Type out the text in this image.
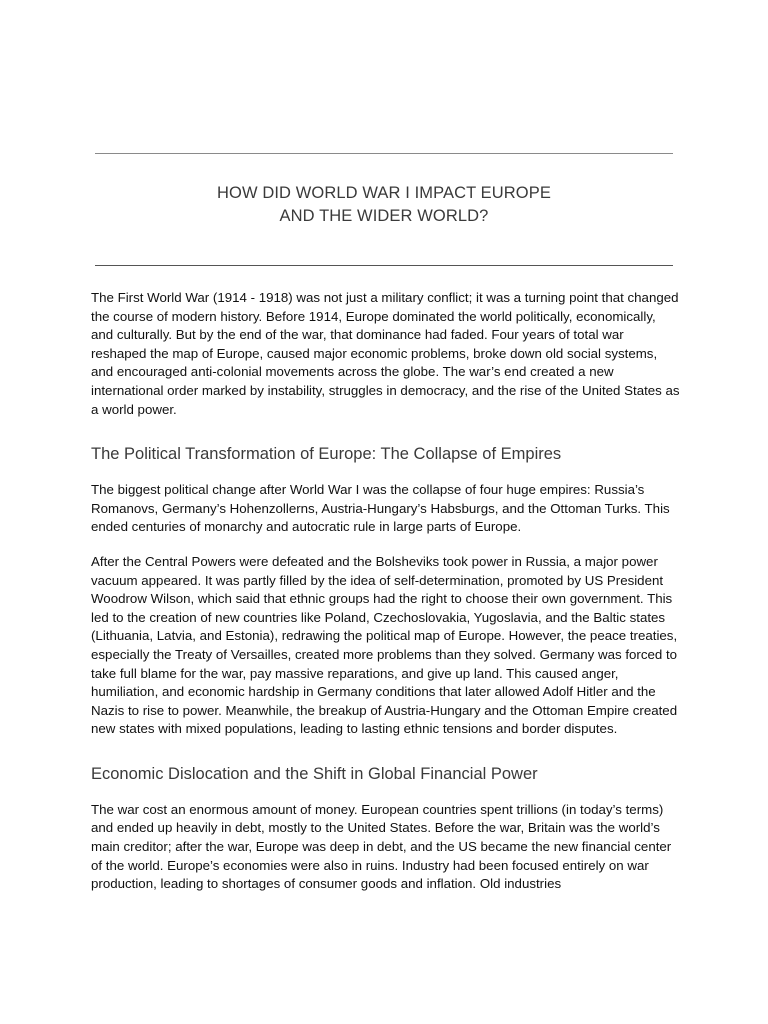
HOW DID WORLD WAR I IMPACT EUROPE
AND THE WIDER WORLD?

The First World War (1914 - 1918) was not just a military conflict; it was a turning point that changed the course of modern history. Before 1914, Europe dominated the world politically, economically, and culturally. But by the end of the war, that dominance had faded. Four years of total war reshaped the map of Europe, caused major economic problems, broke down old social systems, and encouraged anti-colonial movements across the globe. The war’s end created a new international order marked by instability, struggles in democracy, and the rise of the United States as a world power.

The Political Transformation of Europe: The Collapse of Empires

The biggest political change after World War I was the collapse of four huge empires: Russia’s Romanovs, Germany’s Hohenzollerns, Austria-Hungary’s Habsburgs, and the Ottoman Turks. This ended centuries of monarchy and autocratic rule in large parts of Europe.

After the Central Powers were defeated and the Bolsheviks took power in Russia, a major power vacuum appeared. It was partly filled by the idea of self-determination, promoted by US President Woodrow Wilson, which said that ethnic groups had the right to choose their own government. This led to the creation of new countries like Poland, Czechoslovakia, Yugoslavia, and the Baltic states (Lithuania, Latvia, and Estonia), redrawing the political map of Europe. However, the peace treaties, especially the Treaty of Versailles, created more problems than they solved. Germany was forced to take full blame for the war, pay massive reparations, and give up land. This caused anger, humiliation, and economic hardship in Germany conditions that later allowed Adolf Hitler and the Nazis to rise to power. Meanwhile, the breakup of Austria-Hungary and the Ottoman Empire created new states with mixed populations, leading to lasting ethnic tensions and border disputes.

Economic Dislocation and the Shift in Global Financial Power

The war cost an enormous amount of money. European countries spent trillions (in today’s terms) and ended up heavily in debt, mostly to the United States. Before the war, Britain was the world’s main creditor; after the war, Europe was deep in debt, and the US became the new financial center of the world. Europe’s economies were also in ruins. Industry had been focused entirely on war production, leading to shortages of consumer goods and inflation. Old industries
